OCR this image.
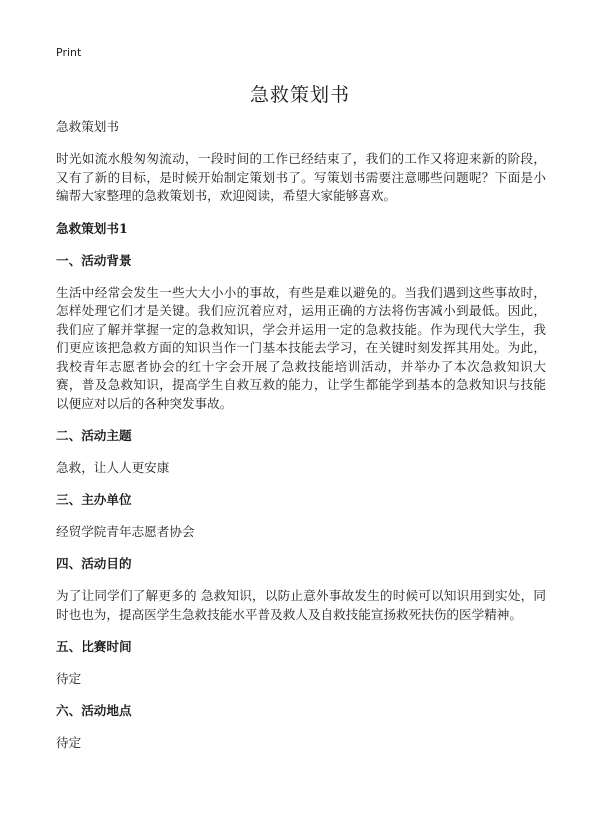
Print
急救策划书

急救策划书

时光如流水般匆匆流动，一段时间的工作已经结束了，我们的工作又将迎来新的阶段，又有了新的目标，是时候开始制定策划书了。写策划书需要注意哪些问题呢？下面是小编帮大家整理的急救策划书，欢迎阅读，希望大家能够喜欢。

急救策划书1

一、活动背景

生活中经常会发生一些大大小小的事故，有些是难以避免的。当我们遇到这些事故时，怎样处理它们才是关键。我们应沉着应对，运用正确的方法将伤害减小到最低。因此，我们应了解并掌握一定的急救知识，学会并运用一定的急救技能。作为现代大学生，我们更应该把急救方面的知识当作一门基本技能去学习，在关键时刻发挥其用处。为此，我校青年志愿者协会的红十字会开展了急救技能培训活动，并举办了本次急救知识大赛，普及急救知识，提高学生自救互救的能力，让学生都能学到基本的急救知识与技能以便应对以后的各种突发事故。

二、活动主题

急救，让人人更安康

三、主办单位

经贸学院青年志愿者协会

四、活动目的

为了让同学们了解更多的 急救知识，以防止意外事故发生的时候可以知识用到实处，同时也也为，提高医学生急救技能水平普及救人及自救技能宣扬救死扶伤的医学精神。

五、比赛时间

待定

六、活动地点

待定
